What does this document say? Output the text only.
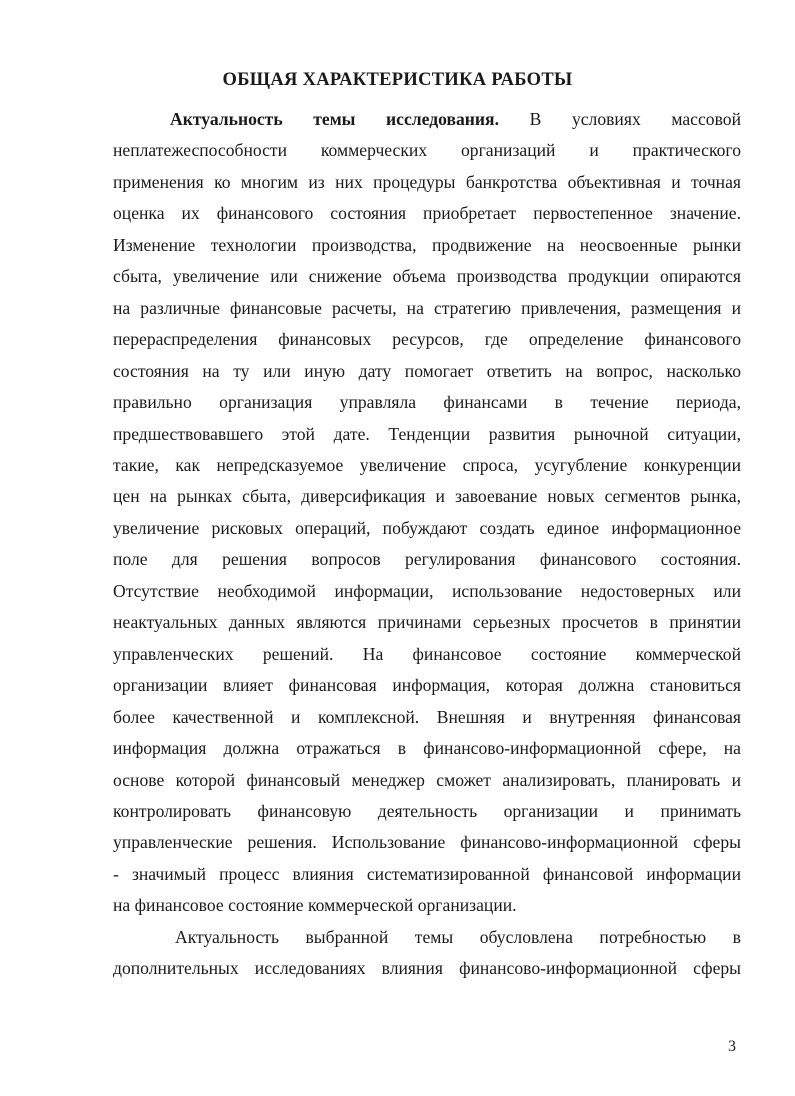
ОБЩАЯ ХАРАКТЕРИСТИКА РАБОТЫ
Актуальность темы исследования. В условиях массовой
неплатежеспособности коммерческих организаций и практического
применения ко многим из них процедуры банкротства объективная и точная
оценка их финансового состояния приобретает первостепенное значение.
Изменение технологии производства, продвижение на неосвоенные рынки
сбыта, увеличение или снижение объема производства продукции опираются
на различные финансовые расчеты, на стратегию привлечения, размещения и
перераспределения финансовых ресурсов, где определение финансового
состояния на ту или иную дату помогает ответить на вопрос, насколько
правильно организация управляла финансами в течение периода,
предшествовавшего этой дате. Тенденции развития рыночной ситуации,
такие, как непредсказуемое увеличение спроса, усугубление конкуренции
цен на рынках сбыта, диверсификация и завоевание новых сегментов рынка,
увеличение рисковых операций, побуждают создать единое информационное
поле для решения вопросов регулирования финансового состояния.
Отсутствие необходимой информации, использование недостоверных или
неактуальных данных являются причинами серьезных просчетов в принятии
управленческих решений. На финансовое состояние коммерческой
организации влияет финансовая информация, которая должна становиться
более качественной и комплексной. Внешняя и внутренняя финансовая
информация должна отражаться в финансово-информационной сфере, на
основе которой финансовый менеджер сможет анализировать, планировать и
контролировать финансовую деятельность организации и принимать
управленческие решения. Использование финансово-информационной сферы
- значимый процесс влияния систематизированной финансовой информации
на финансовое состояние коммерческой организации.
Актуальность выбранной темы обусловлена потребностью в
дополнительных исследованиях влияния финансово-информационной сферы
3
